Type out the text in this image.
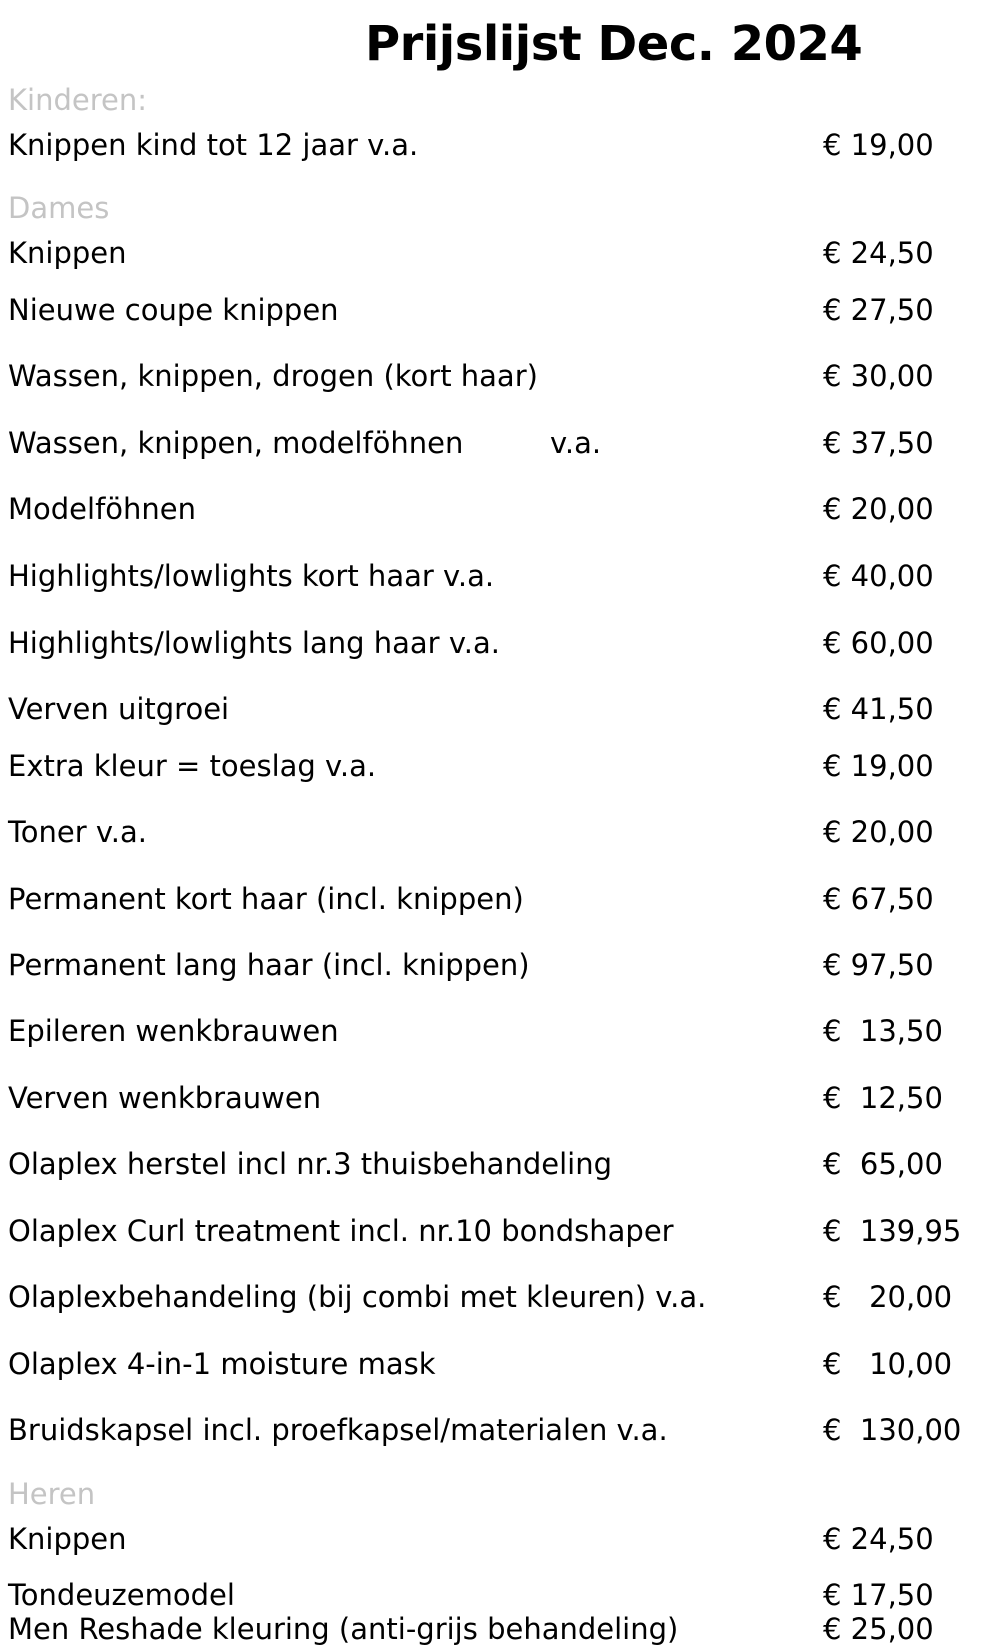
Prijslijst Dec. 2024
Kinderen:
Knippen kind tot 12 jaar v.a.	€ 19,00
Dames
Knippen	€ 24,50
Nieuwe coupe knippen	€ 27,50
Wassen, knippen, drogen (kort haar)	€ 30,00
Wassen, knippen, modelföhnen	v.a.	€ 37,50
Modelföhnen	€ 20,00
Highlights/lowlights kort haar v.a.	€ 40,00
Highlights/lowlights lang haar v.a.	€ 60,00
Verven uitgroei	€ 41,50
Extra kleur = toeslag v.a.	€ 19,00
Toner v.a.	€ 20,00
Permanent kort haar (incl. knippen)	€ 67,50
Permanent lang haar (incl. knippen)	€ 97,50
Epileren wenkbrauwen	€  13,50
Verven wenkbrauwen	€  12,50
Olaplex herstel incl nr.3 thuisbehandeling	€  65,00
Olaplex Curl treatment incl. nr.10 bondshaper	€  139,95
Olaplexbehandeling (bij combi met kleuren) v.a.	€   20,00
Olaplex 4-in-1 moisture mask	€   10,00
Bruidskapsel incl. proefkapsel/materialen v.a.	€  130,00
Heren
Knippen	€ 24,50
Tondeuzemodel	€ 17,50
Men Reshade kleuring (anti-grijs behandeling)	€ 25,00
